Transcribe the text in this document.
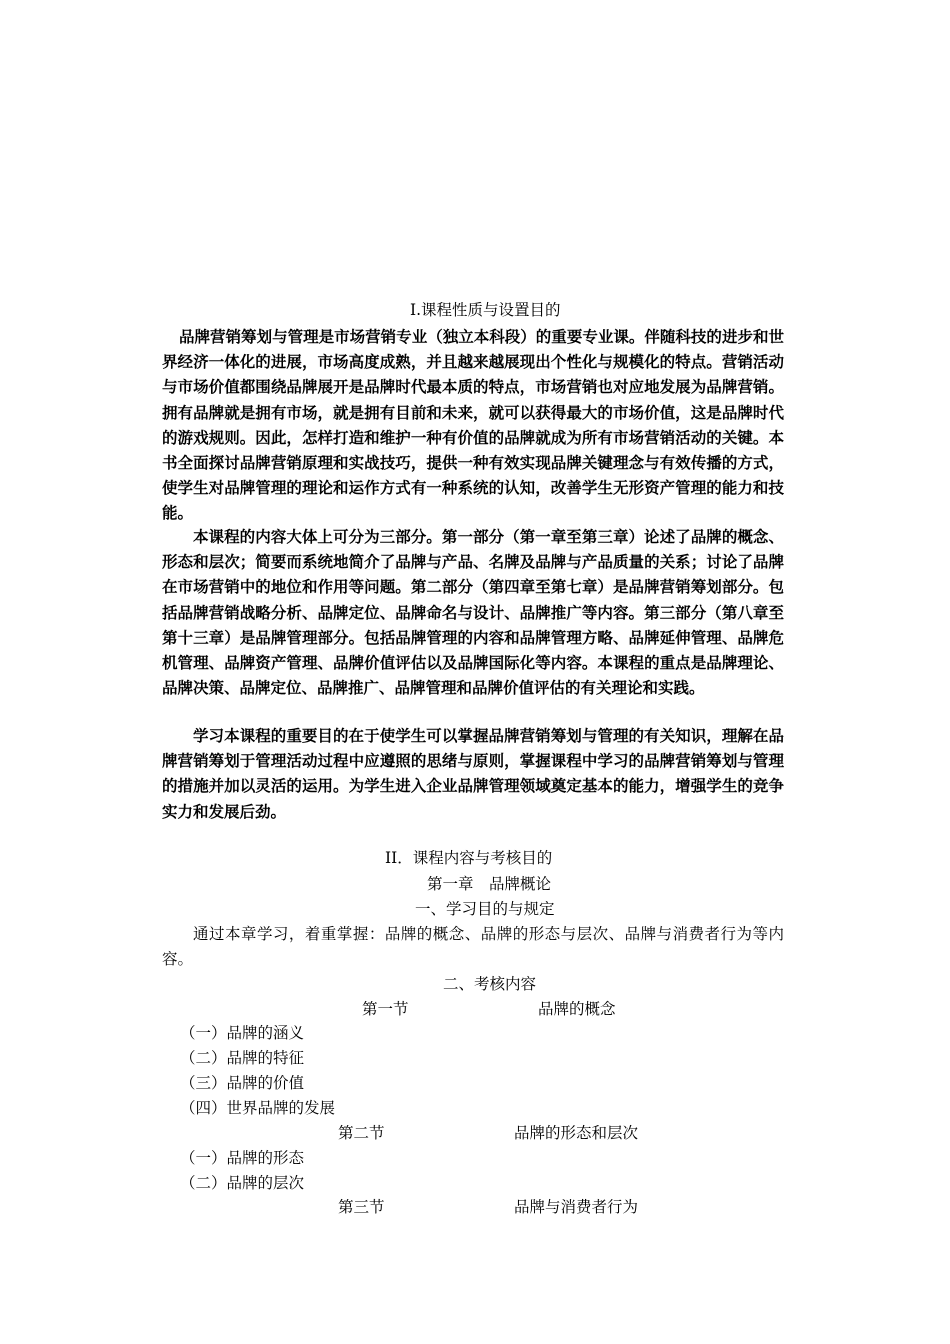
I.课程性质与设置目的

品牌营销筹划与管理是市场营销专业（独立本科段）的重要专业课。伴随科技的进步和世界经济一体化的进展，市场高度成熟，并且越来越展现出个性化与规模化的特点。营销活动与市场价值都围绕品牌展开是品牌时代最本质的特点，市场营销也对应地发展为品牌营销。拥有品牌就是拥有市场，就是拥有目前和未来，就可以获得最大的市场价值，这是品牌时代的游戏规则。因此，怎样打造和维护一种有价值的品牌就成为所有市场营销活动的关键。本书全面探讨品牌营销原理和实战技巧，提供一种有效实现品牌关键理念与有效传播的方式，使学生对品牌管理的理论和运作方式有一种系统的认知，改善学生无形资产管理的能力和技能。

本课程的内容大体上可分为三部分。第一部分（第一章至第三章）论述了品牌的概念、形态和层次；简要而系统地简介了品牌与产品、名牌及品牌与产品质量的关系；讨论了品牌在市场营销中的地位和作用等问题。第二部分（第四章至第七章）是品牌营销筹划部分。包括品牌营销战略分析、品牌定位、品牌命名与设计、品牌推广等内容。第三部分（第八章至第十三章）是品牌管理部分。包括品牌管理的内容和品牌管理方略、品牌延伸管理、品牌危机管理、品牌资产管理、品牌价值评估以及品牌国际化等内容。本课程的重点是品牌理论、品牌决策、品牌定位、品牌推广、品牌管理和品牌价值评估的有关理论和实践。

学习本课程的重要目的在于使学生可以掌握品牌营销筹划与管理的有关知识，理解在品牌营销筹划于管理活动过程中应遵照的思绪与原则，掌握课程中学习的品牌营销筹划与管理的措施并加以灵活的运用。为学生进入企业品牌管理领域奠定基本的能力，增强学生的竞争实力和发展后劲。

II．课程内容与考核目的
第一章　品牌概论
一、学习目的与规定

通过本章学习，着重掌握：品牌的概念、品牌的形态与层次、品牌与消费者行为等内容。

二、考核内容
第一节	品牌的概念
（一）品牌的涵义
（二）品牌的特征
（三）品牌的价值
（四）世界品牌的发展
第二节	品牌的形态和层次
（一）品牌的形态
（二）品牌的层次
第三节	品牌与消费者行为
